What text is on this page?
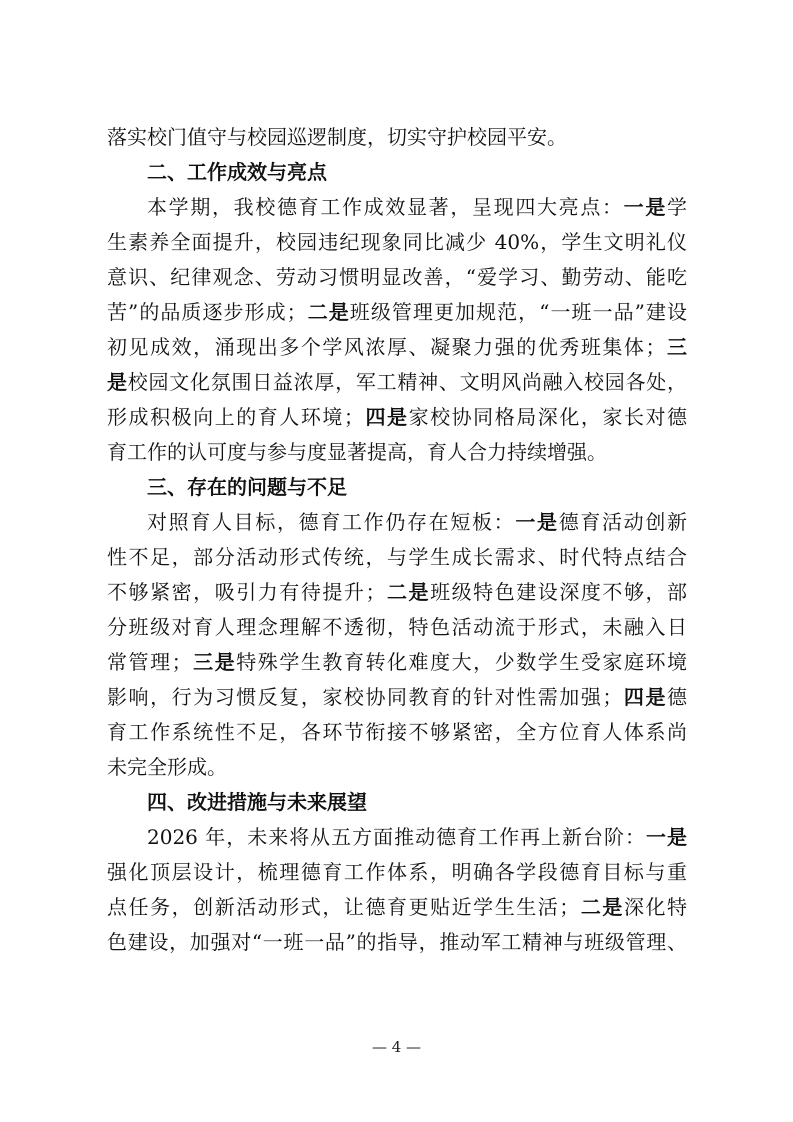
落实校门值守与校园巡逻制度，切实守护校园平安。
二、工作成效与亮点
本学期，我校德育工作成效显著，呈现四大亮点：一是学
生素养全面提升，校园违纪现象同比减少 40%，学生文明礼仪
意识、纪律观念、劳动习惯明显改善，“爱学习、勤劳动、能吃
苦”的品质逐步形成；二是班级管理更加规范，“一班一品”建设
初见成效，涌现出多个学风浓厚、凝聚力强的优秀班集体；三
是校园文化氛围日益浓厚，军工精神、文明风尚融入校园各处，
形成积极向上的育人环境；四是家校协同格局深化，家长对德
育工作的认可度与参与度显著提高，育人合力持续增强。
三、存在的问题与不足
对照育人目标，德育工作仍存在短板：一是德育活动创新
性不足，部分活动形式传统，与学生成长需求、时代特点结合
不够紧密，吸引力有待提升；二是班级特色建设深度不够，部
分班级对育人理念理解不透彻，特色活动流于形式，未融入日
常管理；三是特殊学生教育转化难度大，少数学生受家庭环境
影响，行为习惯反复，家校协同教育的针对性需加强；四是德
育工作系统性不足，各环节衔接不够紧密，全方位育人体系尚
未完全形成。
四、改进措施与未来展望
2026 年，未来将从五方面推动德育工作再上新台阶：一是
强化顶层设计，梳理德育工作体系，明确各学段德育目标与重
点任务，创新活动形式，让德育更贴近学生生活；二是深化特
色建设，加强对“一班一品”的指导，推动军工精神与班级管理、
— 4 —
